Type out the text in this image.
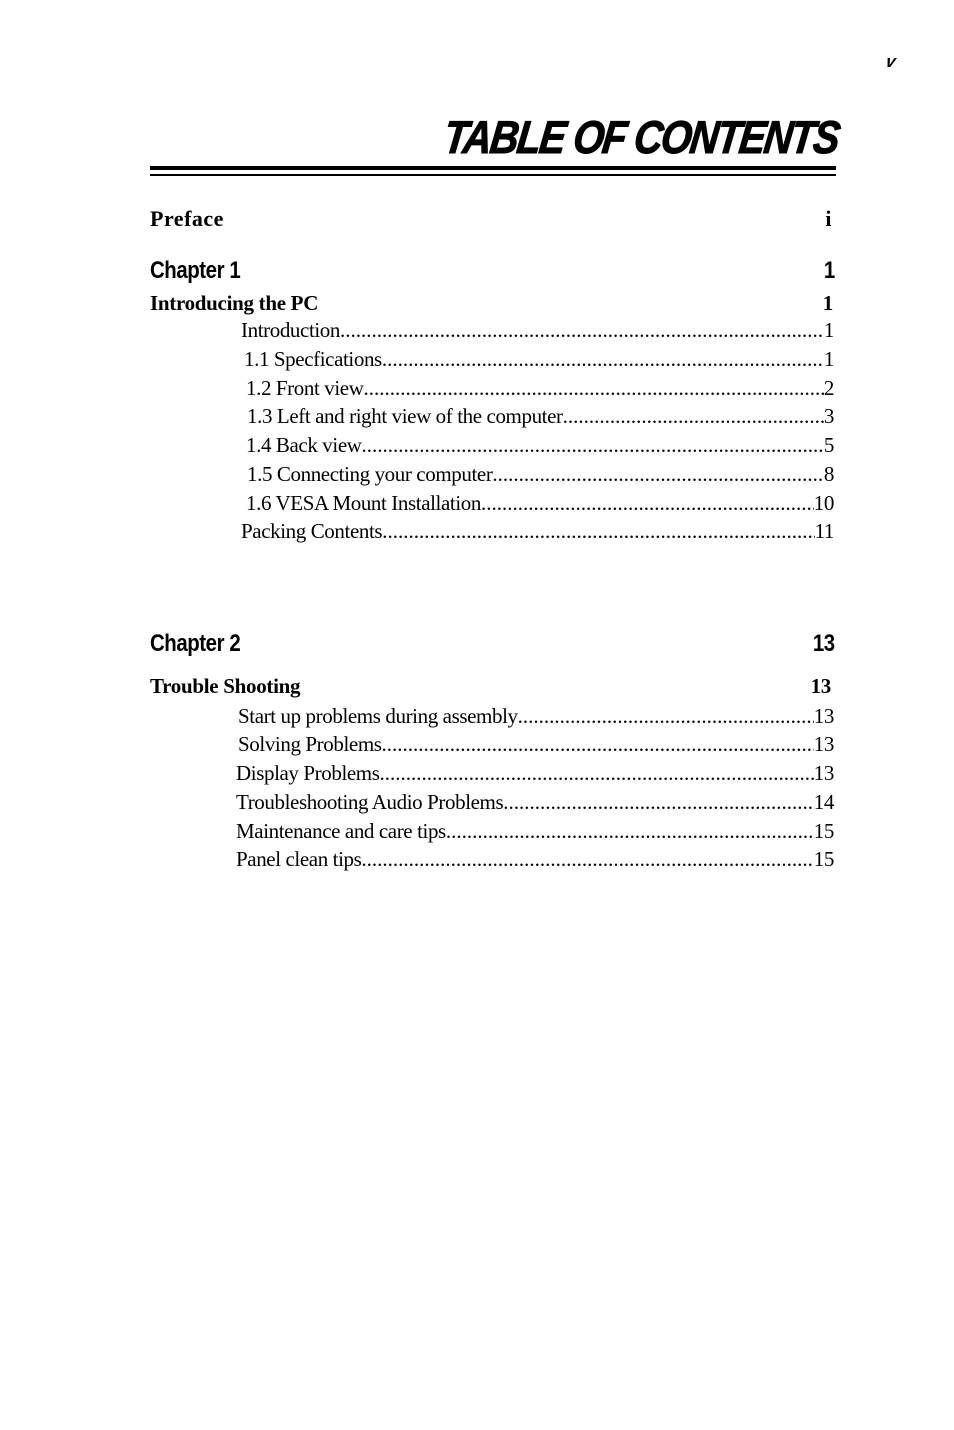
v
TABLE OF CONTENTS
Preface	i
Chapter 1	1
Introducing the PC	1
Introduction .....	1
1.1 Specfications .....	1
1.2 Front view .....	2
1.3 Left and right view of the computer .....	3
1.4 Back view .....	5
1.5 Connecting your computer .....	8
1.6 VESA Mount Installation .....	10
Packing Contents .....	11
Chapter 2	13
Trouble Shooting	13
Start up problems during assembly .....	13
Solving Problems .....	13
Display Problems .....	13
Troubleshooting Audio Problems .....	14
Maintenance and care tips .....	15
Panel clean tips .....	15
